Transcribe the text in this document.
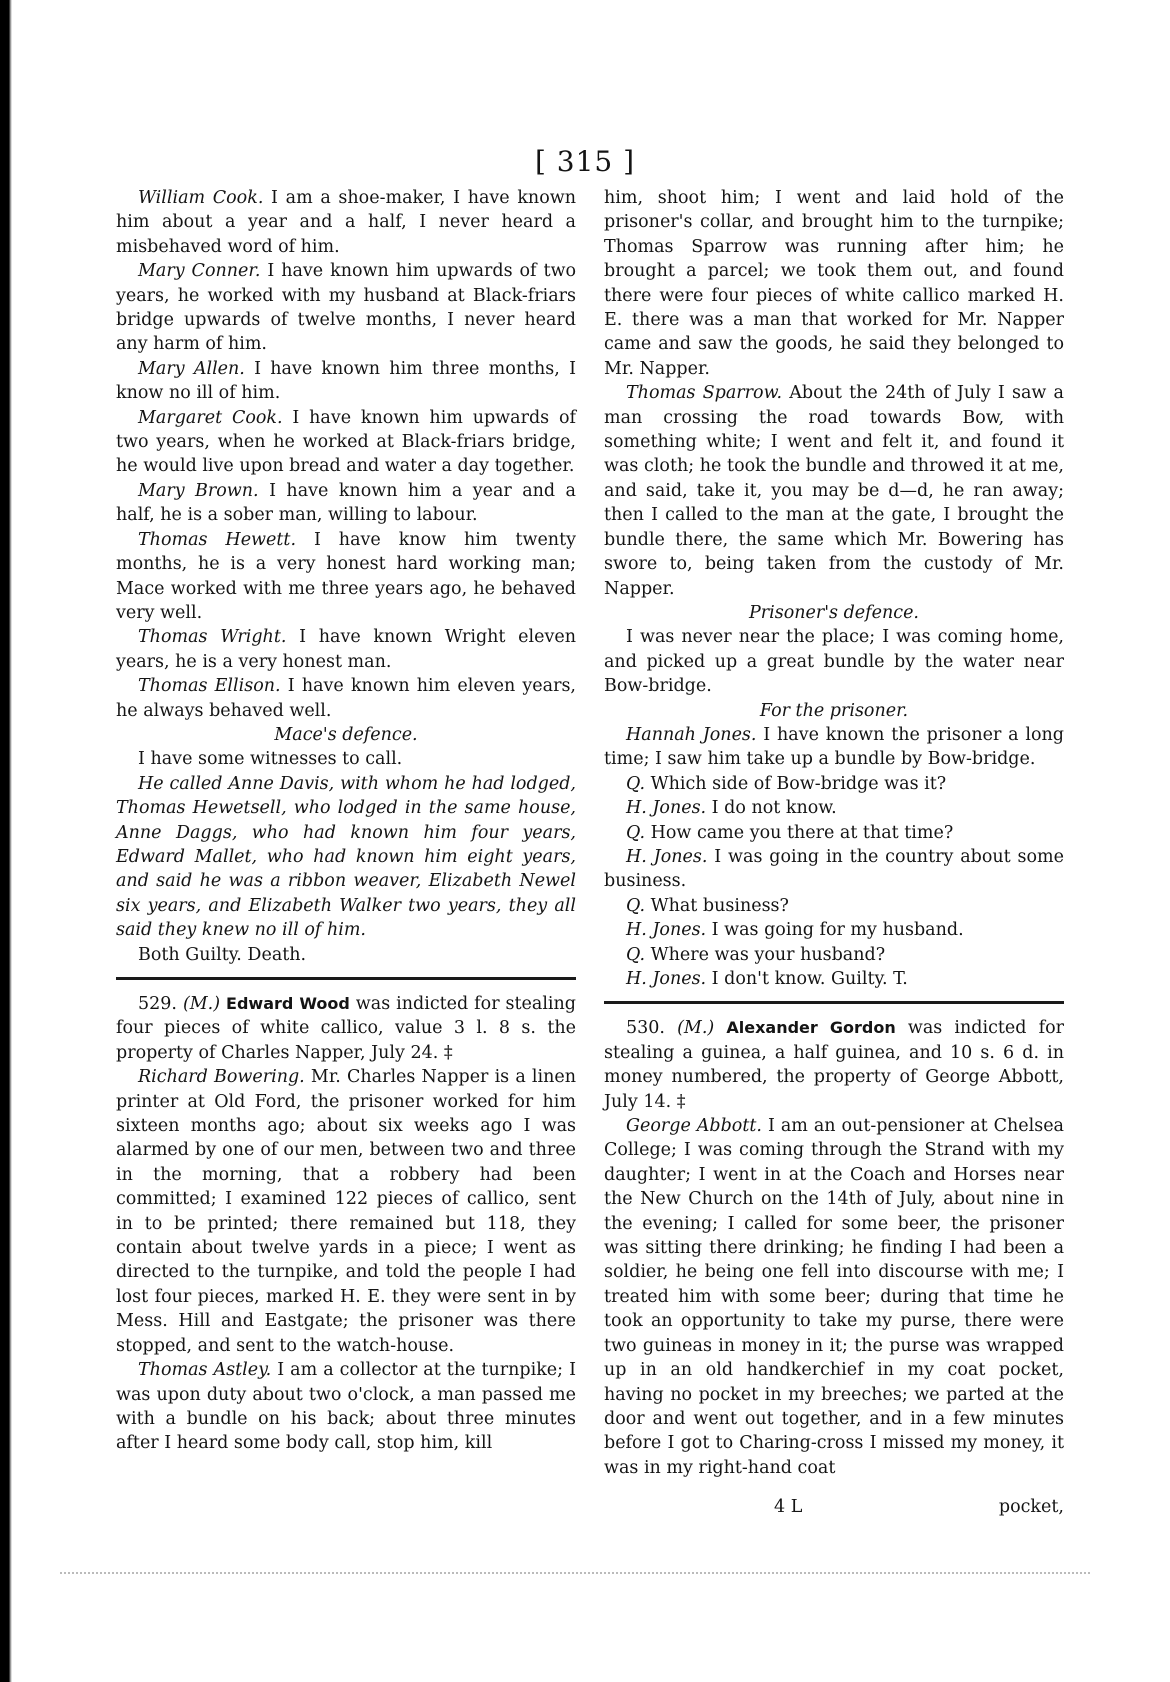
[ 315 ]

William Cook. I am a shoe-maker, I have known him about a year and a half, I never heard a misbehaved word of him.

Mary Conner. I have known him upwards of two years, he worked with my husband at Black-friars bridge upwards of twelve months, I never heard any harm of him.

Mary Allen. I have known him three months, I know no ill of him.

Margaret Cook. I have known him upwards of two years, when he worked at Black-friars bridge, he would live upon bread and water a day together.

Mary Brown. I have known him a year and a half, he is a sober man, willing to labour.

Thomas Hewett. I have know him twenty months, he is a very honest hard working man; Mace worked with me three years ago, he behaved very well.

Thomas Wright. I have known Wright eleven years, he is a very honest man.

Thomas Ellison. I have known him eleven years, he always behaved well.

Mace's defence.

I have some witnesses to call.

He called Anne Davis, with whom he had lodged, Thomas Hewetsell, who lodged in the same house, Anne Daggs, who had known him four years, Edward Mallet, who had known him eight years, and said he was a ribbon weaver, Elizabeth Newel six years, and Elizabeth Walker two years, they all said they knew no ill of him.

Both Guilty. Death.

529. (M.) Edward Wood was indicted for stealing four pieces of white callico, value 3 l. 8 s. the property of Charles Napper, July 24. ‡

Richard Bowering. Mr. Charles Napper is a linen printer at Old Ford, the prisoner worked for him sixteen months ago; about six weeks ago I was alarmed by one of our men, between two and three in the morning, that a robbery had been committed; I examined 122 pieces of callico, sent in to be printed; there remained but 118, they contain about twelve yards in a piece; I went as directed to the turnpike, and told the people I had lost four pieces, marked H. E. they were sent in by Mess. Hill and Eastgate; the prisoner was there stopped, and sent to the watch-house.

Thomas Astley. I am a collector at the turnpike; I was upon duty about two o'clock, a man passed me with a bundle on his back; about three minutes after I heard some body call, stop him, kill

him, shoot him; I went and laid hold of the prisoner's collar, and brought him to the turnpike; Thomas Sparrow was running after him; he brought a parcel; we took them out, and found there were four pieces of white callico marked H. E. there was a man that worked for Mr. Napper came and saw the goods, he said they belonged to Mr. Napper.

Thomas Sparrow. About the 24th of July I saw a man crossing the road towards Bow, with something white; I went and felt it, and found it was cloth; he took the bundle and throwed it at me, and said, take it, you may be d—d, he ran away; then I called to the man at the gate, I brought the bundle there, the same which Mr. Bowering has swore to, being taken from the custody of Mr. Napper.

Prisoner's defence.

I was never near the place; I was coming home, and picked up a great bundle by the water near Bow-bridge.

For the prisoner.

Hannah Jones. I have known the prisoner a long time; I saw him take up a bundle by Bow-bridge.

Q. Which side of Bow-bridge was it?

H. Jones. I do not know.

Q. How came you there at that time?

H. Jones. I was going in the country about some business.

Q. What business?

H. Jones. I was going for my husband.

Q. Where was your husband?

H. Jones. I don't know. Guilty. T.

530. (M.) Alexander Gordon was indicted for stealing a guinea, a half guinea, and 10 s. 6 d. in money numbered, the property of George Abbott, July 14. ‡

George Abbott. I am an out-pensioner at Chelsea College; I was coming through the Strand with my daughter; I went in at the Coach and Horses near the New Church on the 14th of July, about nine in the evening; I called for some beer, the prisoner was sitting there drinking; he finding I had been a soldier, he being one fell into discourse with me; I treated him with some beer; during that time he took an opportunity to take my purse, there were two guineas in money in it; the purse was wrapped up in an old handkerchief in my coat pocket, having no pocket in my breeches; we parted at the door and went out together, and in a few minutes before I got to Charing-cross I missed my money, it was in my right-hand coat

4 L	pocket,
